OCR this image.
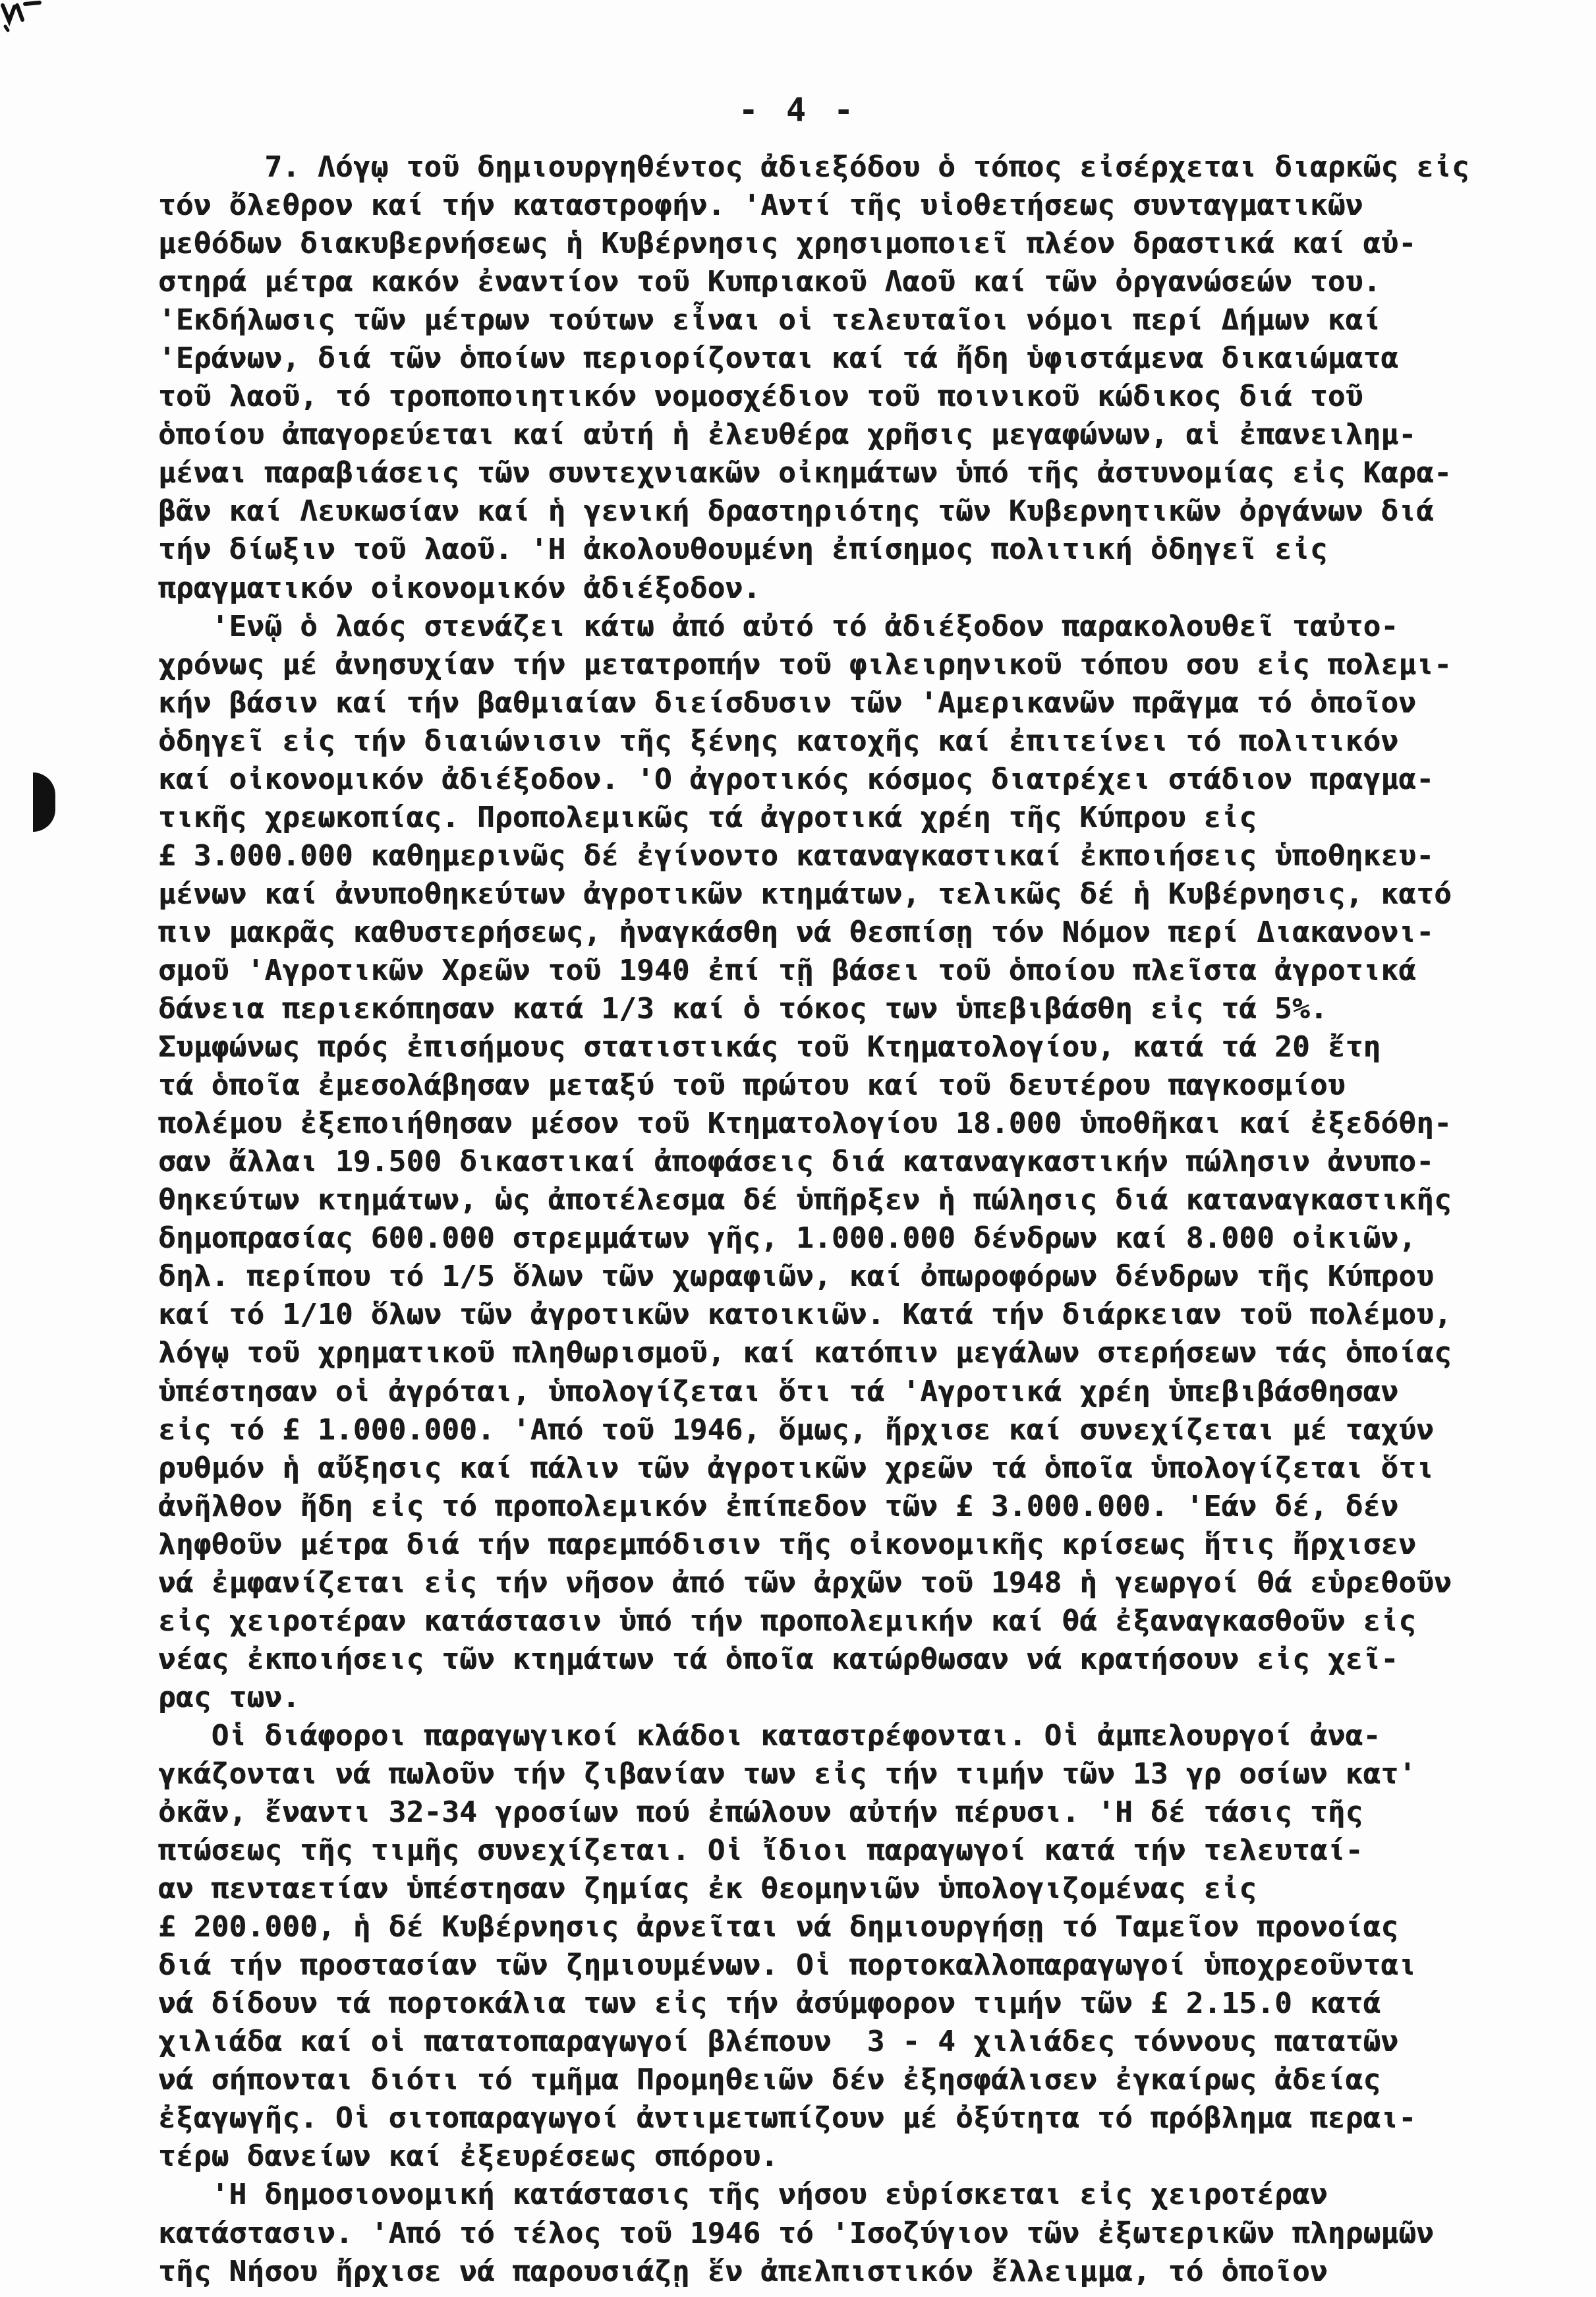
- 4 -
7. Λόγῳ τοῦ δημιουργηθέντος ἀδιεξόδου ὁ τόπος εἰσέρχεται διαρκῶς εἰς
τόν ὄλεθρον καί τήν καταστροφήν. 'Αντί τῆς υἱοθετήσεως συνταγματικῶν
μεθόδων διακυβερνήσεως ἡ Κυβέρνησις χρησιμοποιεῖ πλέον δραστικά καί αὐ-
στηρά μέτρα κακόν ἐναντίον τοῦ Κυπριακοῦ Λαοῦ καί τῶν ὀργανώσεών του.
'Εκδήλωσις τῶν μέτρων τούτων εἶναι οἱ τελευταῖοι νόμοι περί Δήμων καί
'Εράνων, διά τῶν ὁποίων περιορίζονται καί τά ἤδη ὑφιστάμενα δικαιώματα
τοῦ λαοῦ, τό τροποποιητικόν νομοσχέδιον τοῦ ποινικοῦ κώδικος διά τοῦ
ὁποίου ἀπαγορεύεται καί αὐτή ἡ ἐλευθέρα χρῆσις μεγαφώνων, αἱ ἐπανειλημ-
μέναι παραβιάσεις τῶν συντεχνιακῶν οἰκημάτων ὑπό τῆς ἀστυνομίας εἰς Καρα-
βᾶν καί Λευκωσίαν καί ἡ γενική δραστηριότης τῶν Κυβερνητικῶν ὀργάνων διά
τήν δίωξιν τοῦ λαοῦ. 'Η ἀκολουθουμένη ἐπίσημος πολιτική ὁδηγεῖ εἰς
πραγματικόν οἰκονομικόν ἀδιέξοδον.
'Ενῷ ὁ λαός στενάζει κάτω ἀπό αὐτό τό ἀδιέξοδον παρακολουθεῖ ταὐτο-
χρόνως μέ ἀνησυχίαν τήν μετατροπήν τοῦ φιλειρηνικοῦ τόπου σου εἰς πολεμι-
κήν βάσιν καί τήν βαθμιαίαν διείσδυσιν τῶν 'Αμερικανῶν πρᾶγμα τό ὁποῖον
ὁδηγεῖ εἰς τήν διαιώνισιν τῆς ξένης κατοχῆς καί ἐπιτείνει τό πολιτικόν
καί οἰκονομικόν ἀδιέξοδον. 'Ο ἀγροτικός κόσμος διατρέχει στάδιον πραγμα-
τικῆς χρεωκοπίας. Προπολεμικῶς τά ἀγροτικά χρέη τῆς Κύπρου εἰς
£ 3.000.000 καθημερινῶς δέ ἐγίνοντο καταναγκαστικαί ἐκποιήσεις ὑποθηκευ-
μένων καί ἀνυποθηκεύτων ἀγροτικῶν κτημάτων, τελικῶς δέ ἡ Κυβέρνησις, κατό
πιν μακρᾶς καθυστερήσεως, ἠναγκάσθη νά θεσπίσῃ τόν Νόμον περί Διακανονι-
σμοῦ 'Αγροτικῶν Χρεῶν τοῦ 1940 ἐπί τῇ βάσει τοῦ ὁποίου πλεῖστα ἀγροτικά
δάνεια περιεκόπησαν κατά 1/3 καί ὁ τόκος των ὑπεβιβάσθη εἰς τά 5%.
Συμφώνως πρός ἐπισήμους στατιστικάς τοῦ Κτηματολογίου, κατά τά 20 ἔτη
τά ὁποῖα ἐμεσολάβησαν μεταξύ τοῦ πρώτου καί τοῦ δευτέρου παγκοσμίου
πολέμου ἐξεποιήθησαν μέσον τοῦ Κτηματολογίου 18.000 ὑποθῆκαι καί ἐξεδόθη-
σαν ἄλλαι 19.500 δικαστικαί ἀποφάσεις διά καταναγκαστικήν πώλησιν ἀνυπο-
θηκεύτων κτημάτων, ὡς ἀποτέλεσμα δέ ὑπῆρξεν ἡ πώλησις διά καταναγκαστικῆς
δημοπρασίας 600.000 στρεμμάτων γῆς, 1.000.000 δένδρων καί 8.000 οἰκιῶν,
δηλ. περίπου τό 1/5 ὅλων τῶν χωραφιῶν, καί ὀπωροφόρων δένδρων τῆς Κύπρου
καί τό 1/10 ὅλων τῶν ἀγροτικῶν κατοικιῶν. Κατά τήν διάρκειαν τοῦ πολέμου,
λόγῳ τοῦ χρηματικοῦ πληθωρισμοῦ, καί κατόπιν μεγάλων στερήσεων τάς ὁποίας
ὑπέστησαν οἱ ἀγρόται, ὑπολογίζεται ὅτι τά 'Αγροτικά χρέη ὑπεβιβάσθησαν
εἰς τό £ 1.000.000. 'Από τοῦ 1946, ὅμως, ἤρχισε καί συνεχίζεται μέ ταχύν
ρυθμόν ἡ αὔξησις καί πάλιν τῶν ἀγροτικῶν χρεῶν τά ὁποῖα ὑπολογίζεται ὅτι
ἀνῆλθον ἤδη εἰς τό προπολεμικόν ἐπίπεδον τῶν £ 3.000.000. 'Εάν δέ, δέν
ληφθοῦν μέτρα διά τήν παρεμπόδισιν τῆς οἰκονομικῆς κρίσεως ἥτις ἤρχισεν
νά ἐμφανίζεται εἰς τήν νῆσον ἀπό τῶν ἀρχῶν τοῦ 1948 ἡ γεωργοί θά εὑρεθοῦν
εἰς χειροτέραν κατάστασιν ὑπό τήν προπολεμικήν καί θά ἐξαναγκασθοῦν εἰς
νέας ἐκποιήσεις τῶν κτημάτων τά ὁποῖα κατώρθωσαν νά κρατήσουν εἰς χεῖ-
ρας των.
Οἱ διάφοροι παραγωγικοί κλάδοι καταστρέφονται. Οἱ ἀμπελουργοί ἀνα-
γκάζονται νά πωλοῦν τήν ζιβανίαν των εἰς τήν τιμήν τῶν 13 γρ οσίων κατ'
ὀκᾶν, ἔναντι 32-34 γροσίων πού ἐπώλουν αὐτήν πέρυσι. 'Η δέ τάσις τῆς
πτώσεως τῆς τιμῆς συνεχίζεται. Οἱ ἴδιοι παραγωγοί κατά τήν τελευταί-
αν πενταετίαν ὑπέστησαν ζημίας ἐκ θεομηνιῶν ὑπολογιζομένας εἰς
£ 200.000, ἡ δέ Κυβέρνησις ἀρνεῖται νά δημιουργήσῃ τό Ταμεῖον προνοίας
διά τήν προστασίαν τῶν ζημιουμένων. Οἱ πορτοκαλλοπαραγωγοί ὑποχρεοῦνται
νά δίδουν τά πορτοκάλια των εἰς τήν ἀσύμφορον τιμήν τῶν £ 2.15.0 κατά
χιλιάδα καί οἱ πατατοπαραγωγοί βλέπουν  3 - 4 χιλιάδες τόννους πατατῶν
νά σήπονται διότι τό τμῆμα Προμηθειῶν δέν ἐξησφάλισεν ἐγκαίρως ἀδείας
ἐξαγωγῆς. Οἱ σιτοπαραγωγοί ἀντιμετωπίζουν μέ ὀξύτητα τό πρόβλημα περαι-
τέρω δανείων καί ἐξευρέσεως σπόρου.
'Η δημοσιονομική κατάστασις τῆς νήσου εὑρίσκεται εἰς χειροτέραν
κατάστασιν. 'Από τό τέλος τοῦ 1946 τό 'Ισοζύγιον τῶν ἐξωτερικῶν πληρωμῶν
τῆς Νήσου ἤρχισε νά παρουσιάζῃ ἕν ἀπελπιστικόν ἔλλειμμα, τό ὁποῖον
